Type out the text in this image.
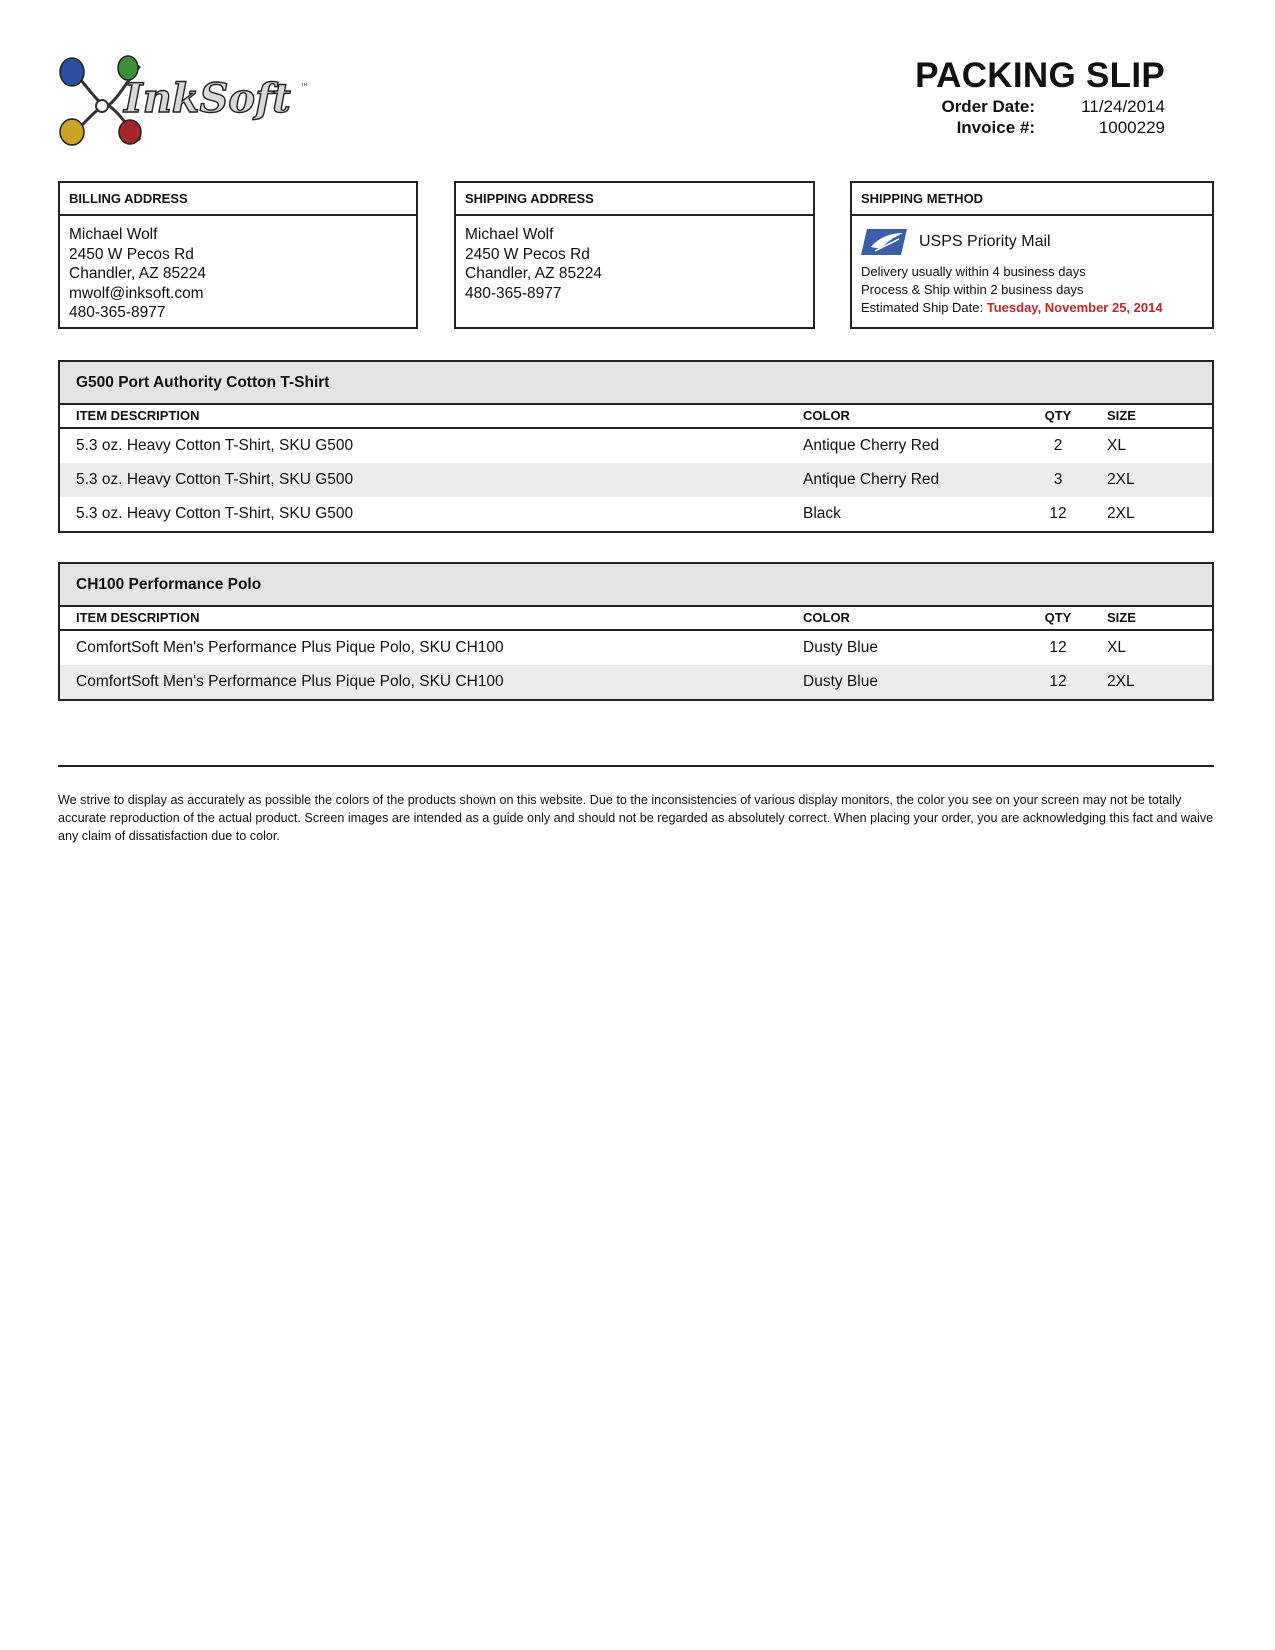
InkSoft ™	PACKING SLIP
Order Date:	11/24/2014
Invoice #:	1000229
BILLING ADDRESS
Michael Wolf
2450 W Pecos Rd
Chandler, AZ 85224
mwolf@inksoft.com
480-365-8977
SHIPPING ADDRESS
Michael Wolf
2450 W Pecos Rd
Chandler, AZ 85224
480-365-8977
SHIPPING METHOD
USPS Priority Mail
Delivery usually within 4 business days
Process & Ship within 2 business days
Estimated Ship Date: Tuesday, November 25, 2014
G500 Port Authority Cotton T-Shirt
ITEM DESCRIPTION	COLOR	QTY	SIZE
5.3 oz. Heavy Cotton T-Shirt, SKU G500	Antique Cherry Red	2	XL
5.3 oz. Heavy Cotton T-Shirt, SKU G500	Antique Cherry Red	3	2XL
5.3 oz. Heavy Cotton T-Shirt, SKU G500	Black	12	2XL
CH100 Performance Polo
ITEM DESCRIPTION	COLOR	QTY	SIZE
ComfortSoft Men's Performance Plus Pique Polo, SKU CH100	Dusty Blue	12	XL
ComfortSoft Men's Performance Plus Pique Polo, SKU CH100	Dusty Blue	12	2XL
We strive to display as accurately as possible the colors of the products shown on this website. Due to the inconsistencies of various display monitors, the color you see on your screen may not be totally accurate reproduction of the actual product. Screen images are intended as a guide only and should not be regarded as absolutely correct. When placing your order, you are acknowledging this fact and waive any claim of dissatisfaction due to color.
